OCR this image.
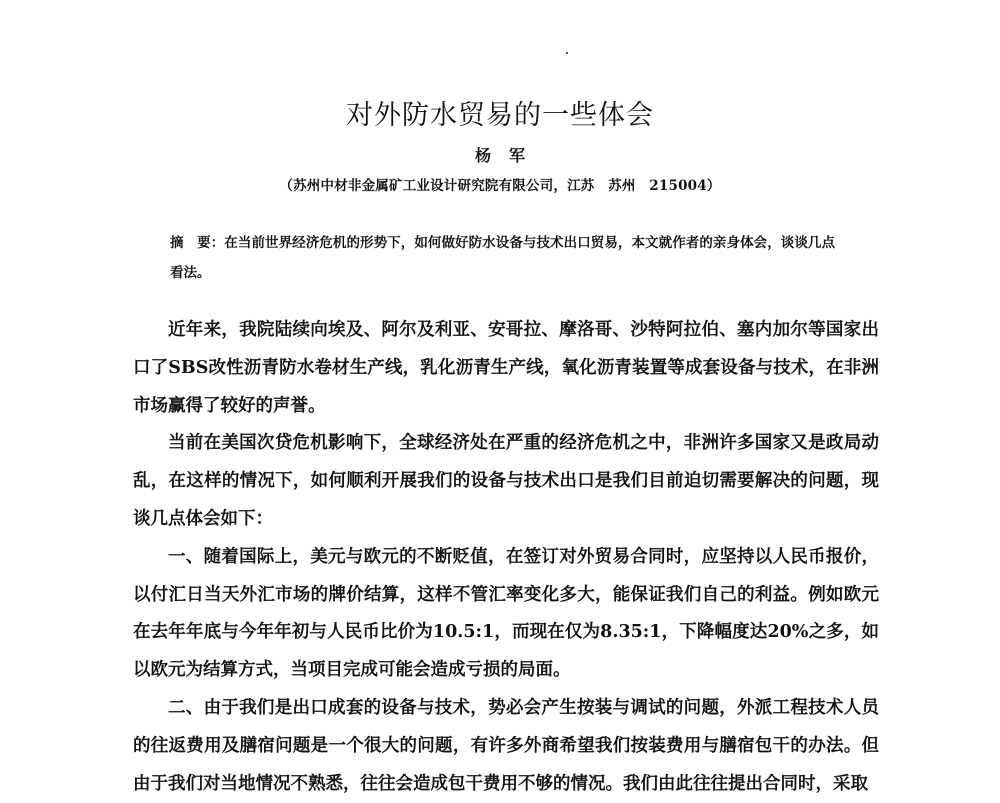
对外防水贸易的一些体会
杨军
（苏州中材非金属矿工业设计研究院有限公司，江苏　苏州　215004）
摘　要：在当前世界经济危机的形势下，如何做好防水设备与技术出口贸易，本文就作者的亲身体会，谈谈几点看法。

近年来，我院陆续向埃及、阿尔及利亚、安哥拉、摩洛哥、沙特阿拉伯、塞内加尔等国家出口了SBS改性沥青防水卷材生产线，乳化沥青生产线，氧化沥青装置等成套设备与技术，在非洲市场赢得了较好的声誉。

当前在美国次贷危机影响下，全球经济处在严重的经济危机之中，非洲许多国家又是政局动乱，在这样的情况下，如何顺利开展我们的设备与技术出口是我们目前迫切需要解决的问题，现谈几点体会如下：

一、随着国际上，美元与欧元的不断贬值，在签订对外贸易合同时，应坚持以人民币报价，以付汇日当天外汇市场的牌价结算，这样不管汇率变化多大，能保证我们自己的利益。例如欧元在去年年底与今年年初与人民币比价为10.5:1，而现在仅为8.35:1，下降幅度达20%之多，如以欧元为结算方式，当项目完成可能会造成亏损的局面。

二、由于我们是出口成套的设备与技术，势必会产生按装与调试的问题，外派工程技术人员的往返费用及膳宿问题是一个很大的问题，有许多外商希望我们按装费用与膳宿包干的办法。但由于我们对当地情况不熟悉，往往会造成包干费用不够的情况。我们由此往往提出合同时，采取
